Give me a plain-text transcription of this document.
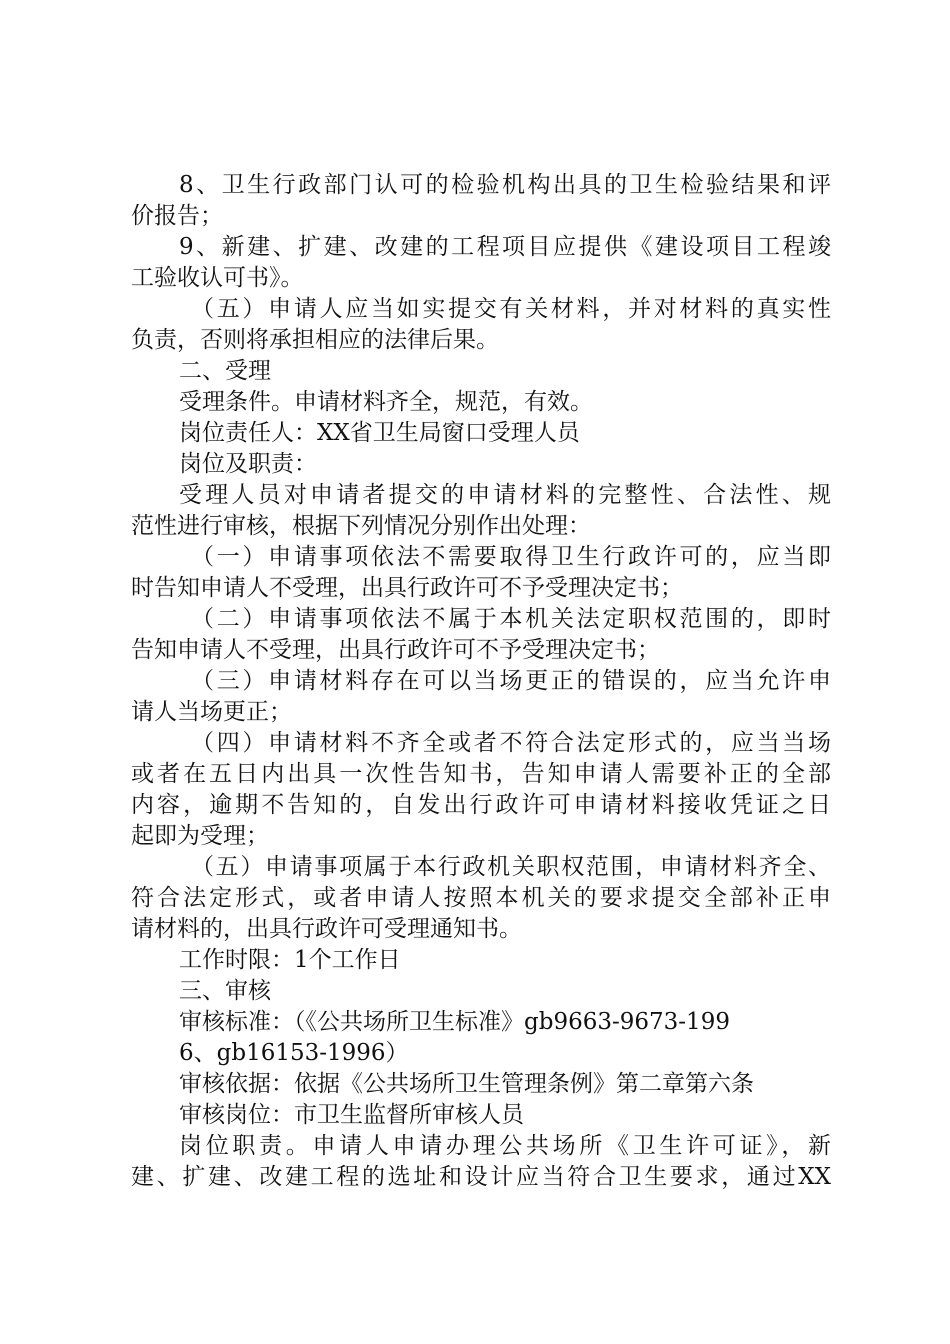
8、卫生行政部门认可的检验机构出具的卫生检验结果和评
价报告；
9、新建、扩建、改建的工程项目应提供《建设项目工程竣
工验收认可书》。
（五）申请人应当如实提交有关材料，并对材料的真实性
负责，否则将承担相应的法律后果。
二、受理
受理条件。申请材料齐全，规范，有效。
岗位责任人：XX省卫生局窗口受理人员
岗位及职责：
受理人员对申请者提交的申请材料的完整性、合法性、规
范性进行审核，根据下列情况分别作出处理：
（一）申请事项依法不需要取得卫生行政许可的，应当即
时告知申请人不受理，出具行政许可不予受理决定书；
（二）申请事项依法不属于本机关法定职权范围的，即时
告知申请人不受理，出具行政许可不予受理决定书；
（三）申请材料存在可以当场更正的错误的，应当允许申
请人当场更正；
（四）申请材料不齐全或者不符合法定形式的，应当当场
或者在五日内出具一次性告知书，告知申请人需要补正的全部
内容，逾期不告知的，自发出行政许可申请材料接收凭证之日
起即为受理；
（五）申请事项属于本行政机关职权范围，申请材料齐全、
符合法定形式，或者申请人按照本机关的要求提交全部补正申
请材料的，出具行政许可受理通知书。
工作时限：1个工作日
三、审核
审核标准：（《公共场所卫生标准》gb9663-9673-199
6、gb16153-1996）
审核依据：依据《公共场所卫生管理条例》第二章第六条
审核岗位：市卫生监督所审核人员
岗位职责。申请人申请办理公共场所《卫生许可证》，新
建、扩建、改建工程的选址和设计应当符合卫生要求，通过XX
